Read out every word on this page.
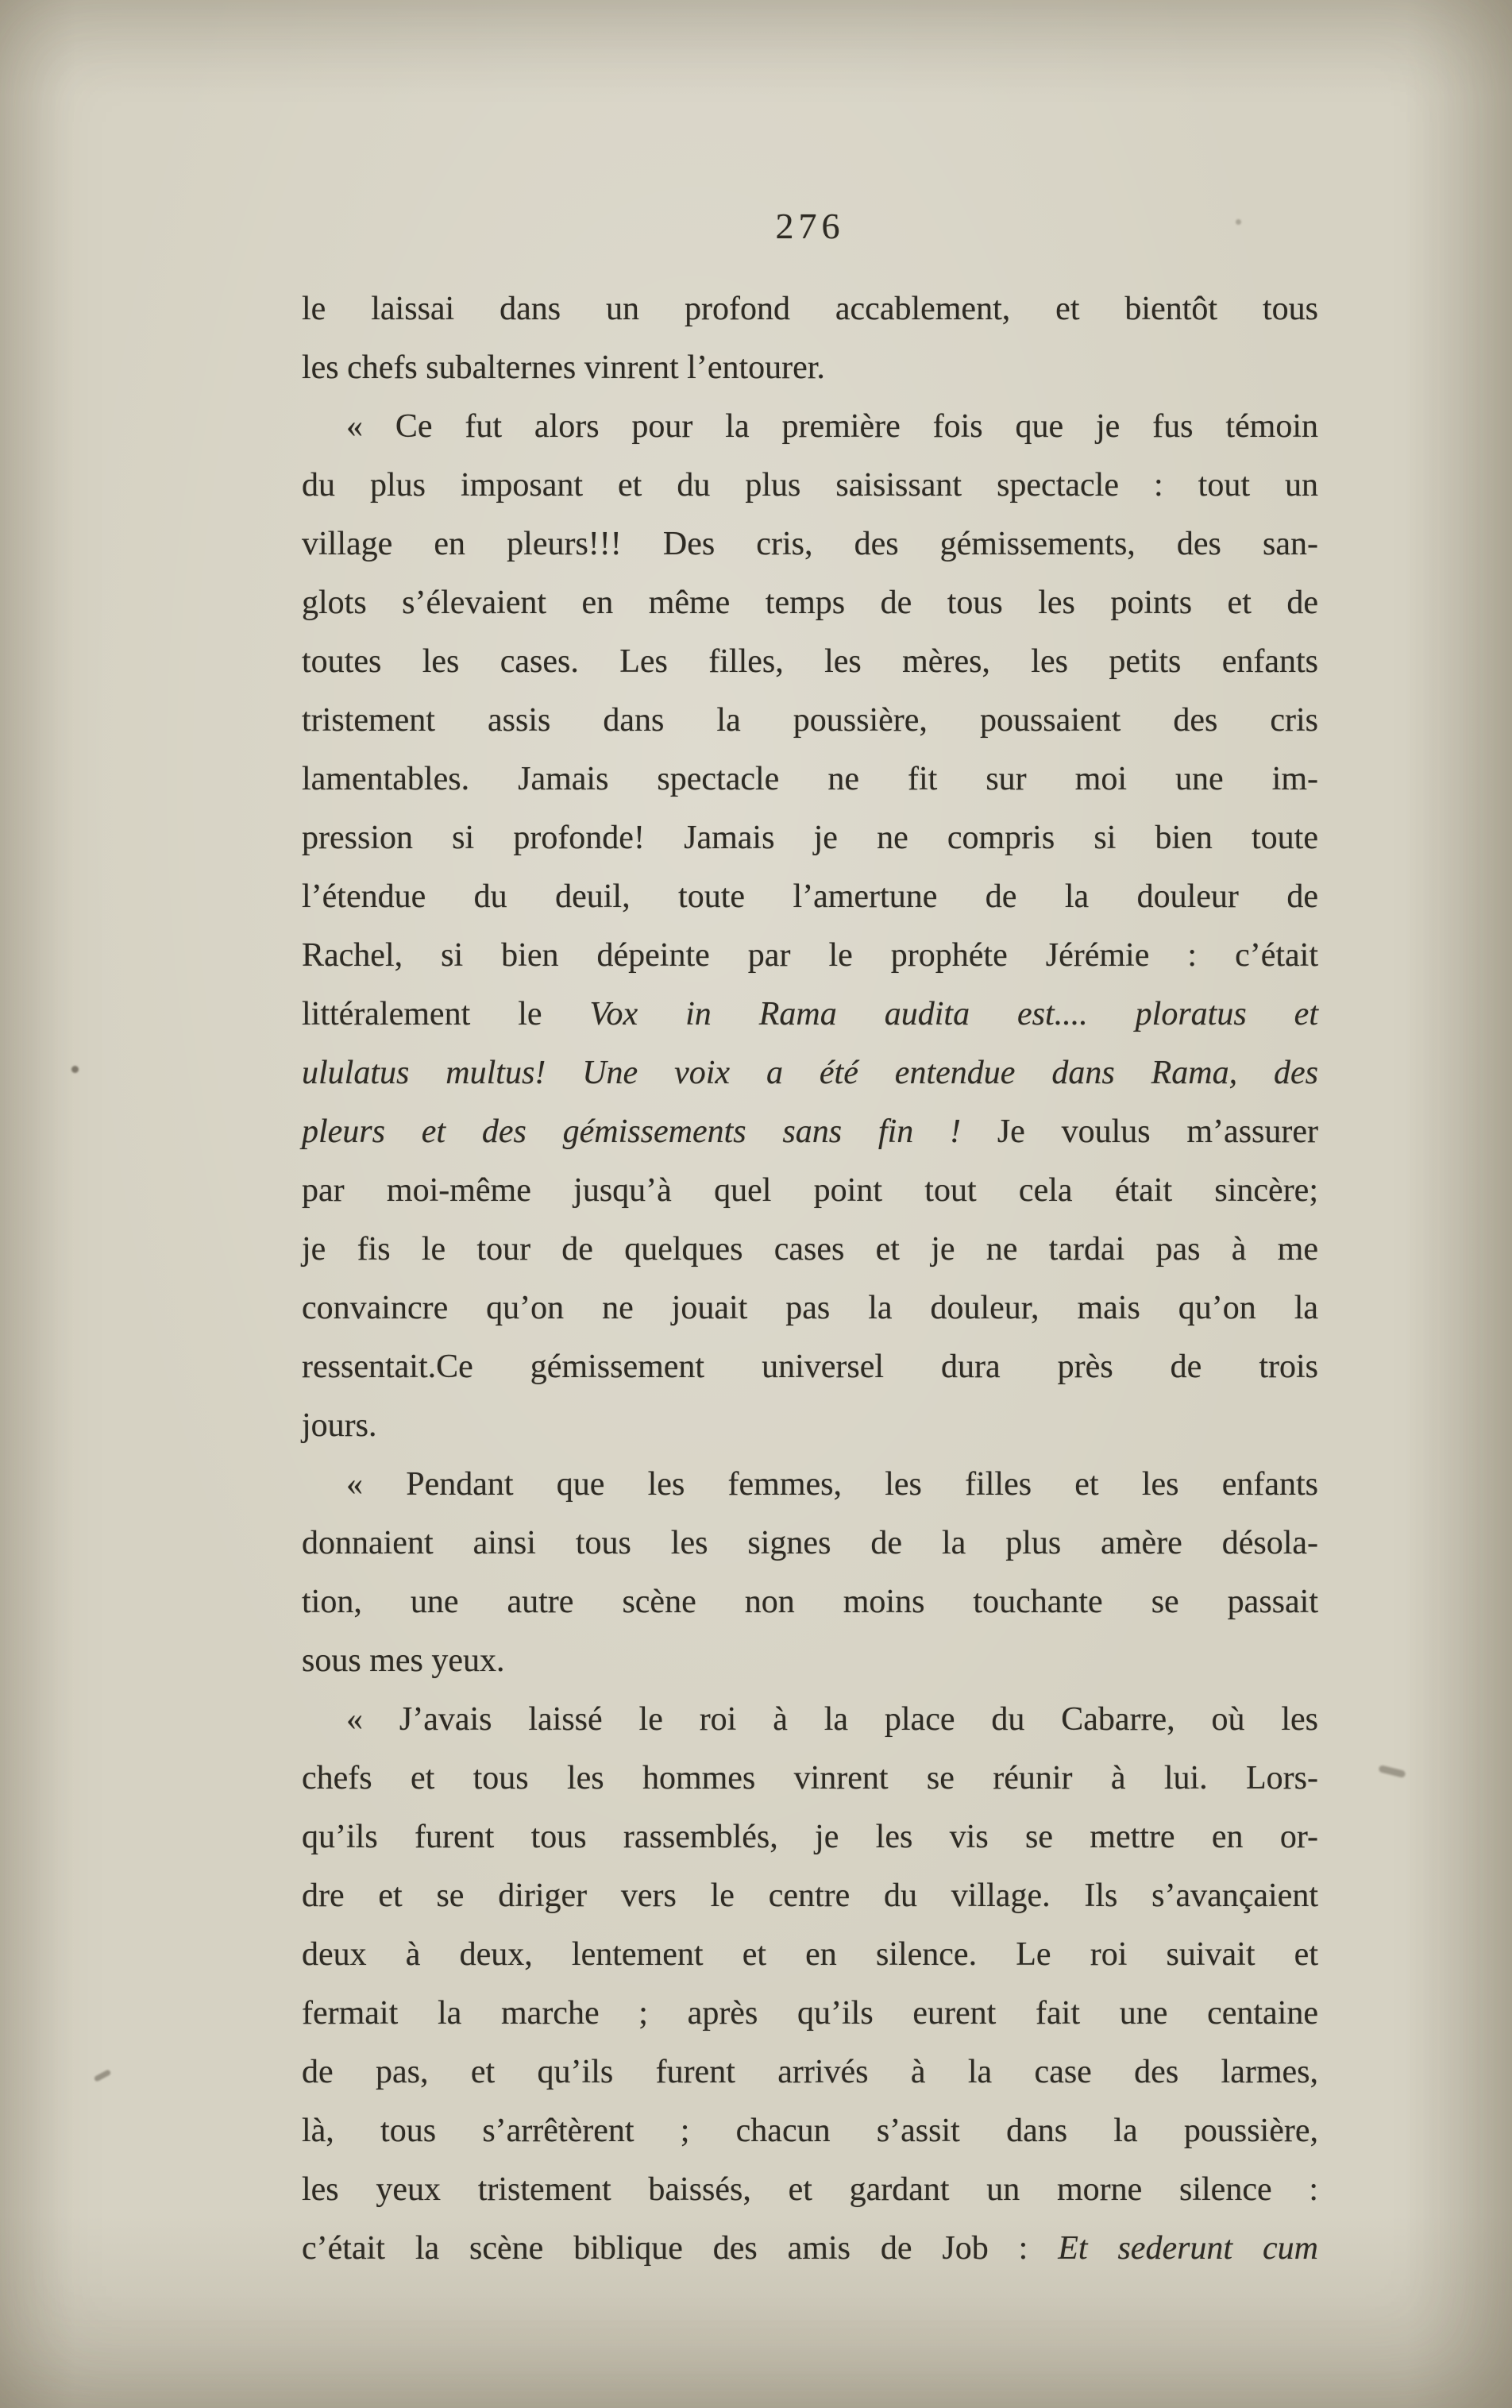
276
le laissai dans un profond accablement, et bientôt tous
les chefs subalternes vinrent l’entourer.
« Ce fut alors pour la première fois que je fus témoin
du plus imposant et du plus saisissant spectacle : tout un
village en pleurs!!! Des cris, des gémissements, des san-
glots s’élevaient en même temps de tous les points et de
toutes les cases. Les filles, les mères, les petits enfants
tristement assis dans la poussière, poussaient des cris
lamentables. Jamais spectacle ne fit sur moi une im-
pression si profonde! Jamais je ne compris si bien toute
l’étendue du deuil, toute l’amertune de la douleur de
Rachel, si bien dépeinte par le prophéte Jérémie : c’était
littéralement le Vox in Rama audita est.... ploratus et
ululatus multus! Une voix a été entendue dans Rama, des
pleurs et des gémissements sans fin ! Je voulus m’assurer
par moi-même jusqu’à quel point tout cela était sincère;
je fis le tour de quelques cases et je ne tardai pas à me
convaincre qu’on ne jouait pas la douleur, mais qu’on la
ressentait.Ce gémissement universel dura près de trois
jours.
« Pendant que les femmes, les filles et les enfants
donnaient ainsi tous les signes de la plus amère désola-
tion, une autre scène non moins touchante se passait
sous mes yeux.
« J’avais laissé le roi à la place du Cabarre, où les
chefs et tous les hommes vinrent se réunir à lui. Lors-
qu’ils furent tous rassemblés, je les vis se mettre en or-
dre et se diriger vers le centre du village. Ils s’avançaient
deux à deux, lentement et en silence. Le roi suivait et
fermait la marche ; après qu’ils eurent fait une centaine
de pas, et qu’ils furent arrivés à la case des larmes,
là, tous s’arrêtèrent ; chacun s’assit dans la poussière,
les yeux tristement baissés, et gardant un morne silence :
c’était la scène biblique des amis de Job : Et sederunt cum
